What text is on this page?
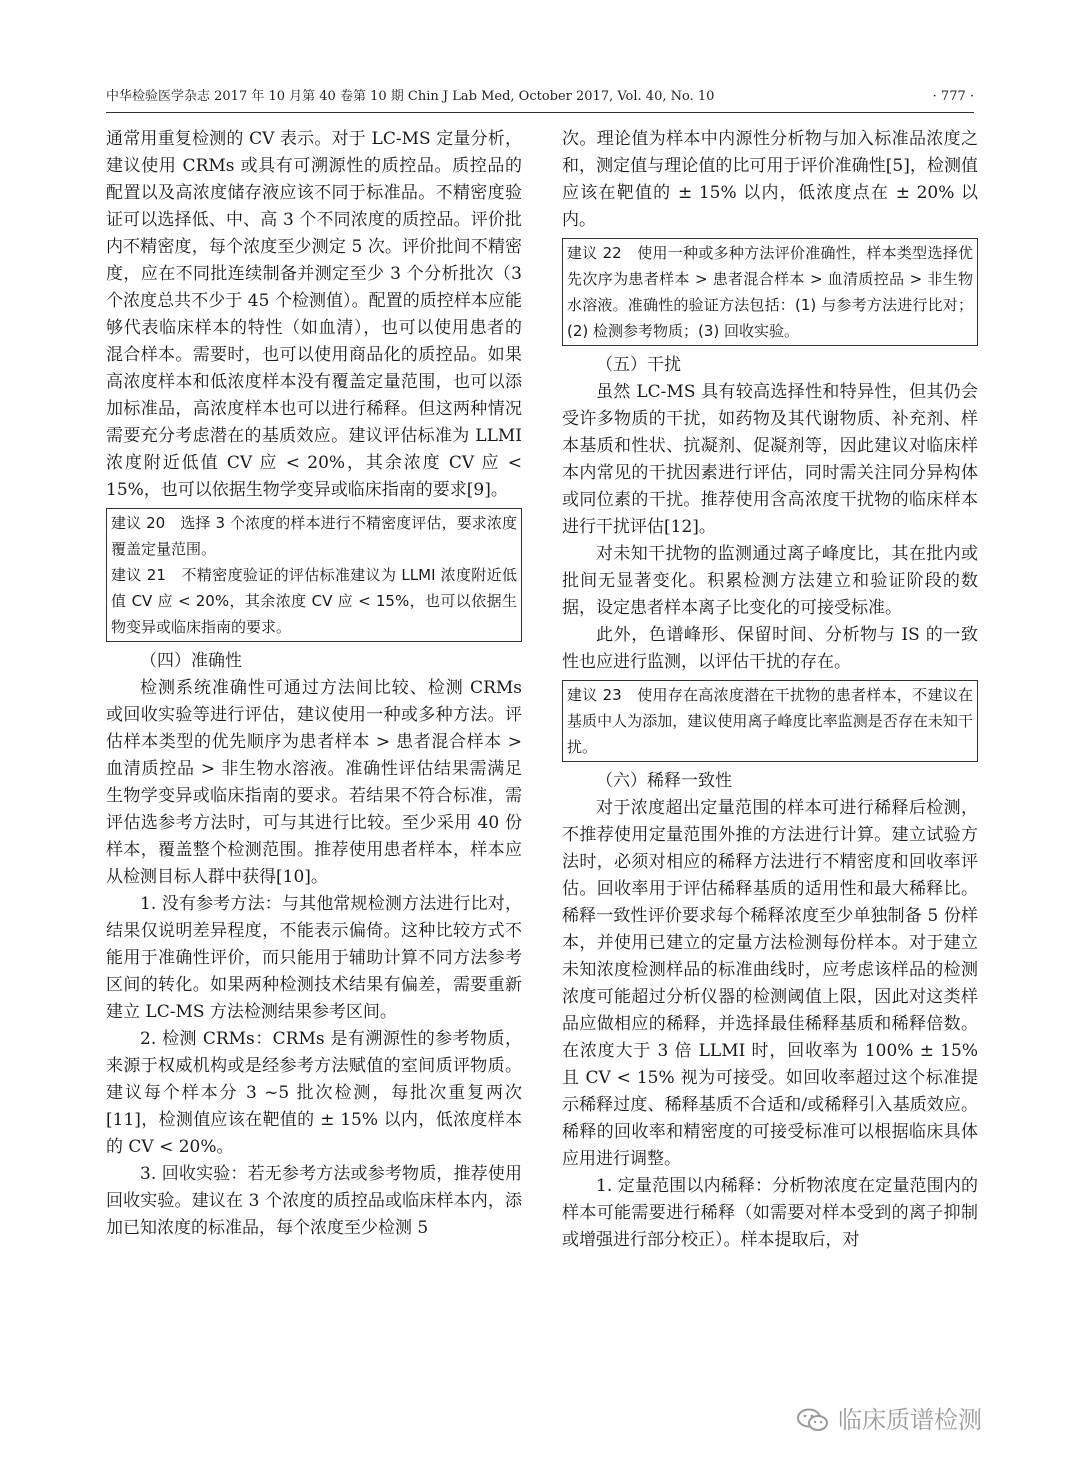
中华检验医学杂志 2017 年 10 月第 40 卷第 10 期 Chin J Lab Med, October 2017, Vol. 40, No. 10	· 777 ·

通常用重复检测的 CV 表示。对于 LC-MS 定量分析，建议使用 CRMs 或具有可溯源性的质控品。质控品的配置以及高浓度储存液应该不同于标准品。不精密度验证可以选择低、中、高 3 个不同浓度的质控品。评价批内不精密度，每个浓度至少测定 5 次。评价批间不精密度，应在不同批连续制备并测定至少 3 个分析批次（3 个浓度总共不少于 45 个检测值）。配置的质控样本应能够代表临床样本的特性（如血清），也可以使用患者的混合样本。需要时，也可以使用商品化的质控品。如果高浓度样本和低浓度样本没有覆盖定量范围，也可以添加标准品，高浓度样本也可以进行稀释。但这两种情况需要充分考虑潜在的基质效应。建议评估标准为 LLMI 浓度附近低值 CV 应 < 20%，其余浓度 CV 应 < 15%，也可以依据生物学变异或临床指南的要求[9]。

建议 20　选择 3 个浓度的样本进行不精密度评估，要求浓度覆盖定量范围。

建议 21　不精密度验证的评估标准建议为 LLMI 浓度附近低值 CV 应 < 20%，其余浓度 CV 应 < 15%，也可以依据生物变异或临床指南的要求。

（四）准确性

检测系统准确性可通过方法间比较、检测 CRMs 或回收实验等进行评估，建议使用一种或多种方法。评估样本类型的优先顺序为患者样本 > 患者混合样本 > 血清质控品 > 非生物水溶液。准确性评估结果需满足生物学变异或临床指南的要求。若结果不符合标准，需评估选参考方法时，可与其进行比较。至少采用 40 份样本，覆盖整个检测范围。推荐使用患者样本，样本应从检测目标人群中获得[10]。

1. 没有参考方法：与其他常规检测方法进行比对，结果仅说明差异程度，不能表示偏倚。这种比较方式不能用于准确性评价，而只能用于辅助计算不同方法参考区间的转化。如果两种检测技术结果有偏差，需要重新建立 LC-MS 方法检测结果参考区间。

2. 检测 CRMs：CRMs 是有溯源性的参考物质，来源于权威机构或是经参考方法赋值的室间质评物质。建议每个样本分 3 ~5 批次检测，每批次重复两次[11]，检测值应该在靶值的 ± 15% 以内，低浓度样本的 CV < 20%。

3. 回收实验：若无参考方法或参考物质，推荐使用回收实验。建议在 3 个浓度的质控品或临床样本内，添加已知浓度的标准品，每个浓度至少检测 5

次。理论值为样本中内源性分析物与加入标准品浓度之和，测定值与理论值的比可用于评价准确性[5]，检测值应该在靶值的 ± 15% 以内，低浓度点在 ± 20% 以内。

建议 22　使用一种或多种方法评价准确性，样本类型选择优先次序为患者样本 > 患者混合样本 > 血清质控品 > 非生物水溶液。准确性的验证方法包括：(1) 与参考方法进行比对；(2) 检测参考物质；(3) 回收实验。

（五）干扰

虽然 LC-MS 具有较高选择性和特异性，但其仍会受许多物质的干扰，如药物及其代谢物质、补充剂、样本基质和性状、抗凝剂、促凝剂等，因此建议对临床样本内常见的干扰因素进行评估，同时需关注同分异构体或同位素的干扰。推荐使用含高浓度干扰物的临床样本进行干扰评估[12]。

对未知干扰物的监测通过离子峰度比，其在批内或批间无显著变化。积累检测方法建立和验证阶段的数据，设定患者样本离子比变化的可接受标准。

此外，色谱峰形、保留时间、分析物与 IS 的一致性也应进行监测，以评估干扰的存在。

建议 23　使用存在高浓度潜在干扰物的患者样本，不建议在基质中人为添加，建议使用离子峰度比率监测是否存在未知干扰。

（六）稀释一致性

对于浓度超出定量范围的样本可进行稀释后检测，不推荐使用定量范围外推的方法进行计算。建立试验方法时，必须对相应的稀释方法进行不精密度和回收率评估。回收率用于评估稀释基质的适用性和最大稀释比。稀释一致性评价要求每个稀释浓度至少单独制备 5 份样本，并使用已建立的定量方法检测每份样本。对于建立未知浓度检测样品的标准曲线时，应考虑该样品的检测浓度可能超过分析仪器的检测阈值上限，因此对这类样品应做相应的稀释，并选择最佳稀释基质和稀释倍数。在浓度大于 3 倍 LLMI 时，回收率为 100% ± 15% 且 CV < 15% 视为可接受。如回收率超过这个标准提示稀释过度、稀释基质不合适和/或稀释引入基质效应。稀释的回收率和精密度的可接受标准可以根据临床具体应用进行调整。

1. 定量范围以内稀释：分析物浓度在定量范围内的样本可能需要进行稀释（如需要对样本受到的离子抑制或增强进行部分校正）。样本提取后，对

临床质谱检测
